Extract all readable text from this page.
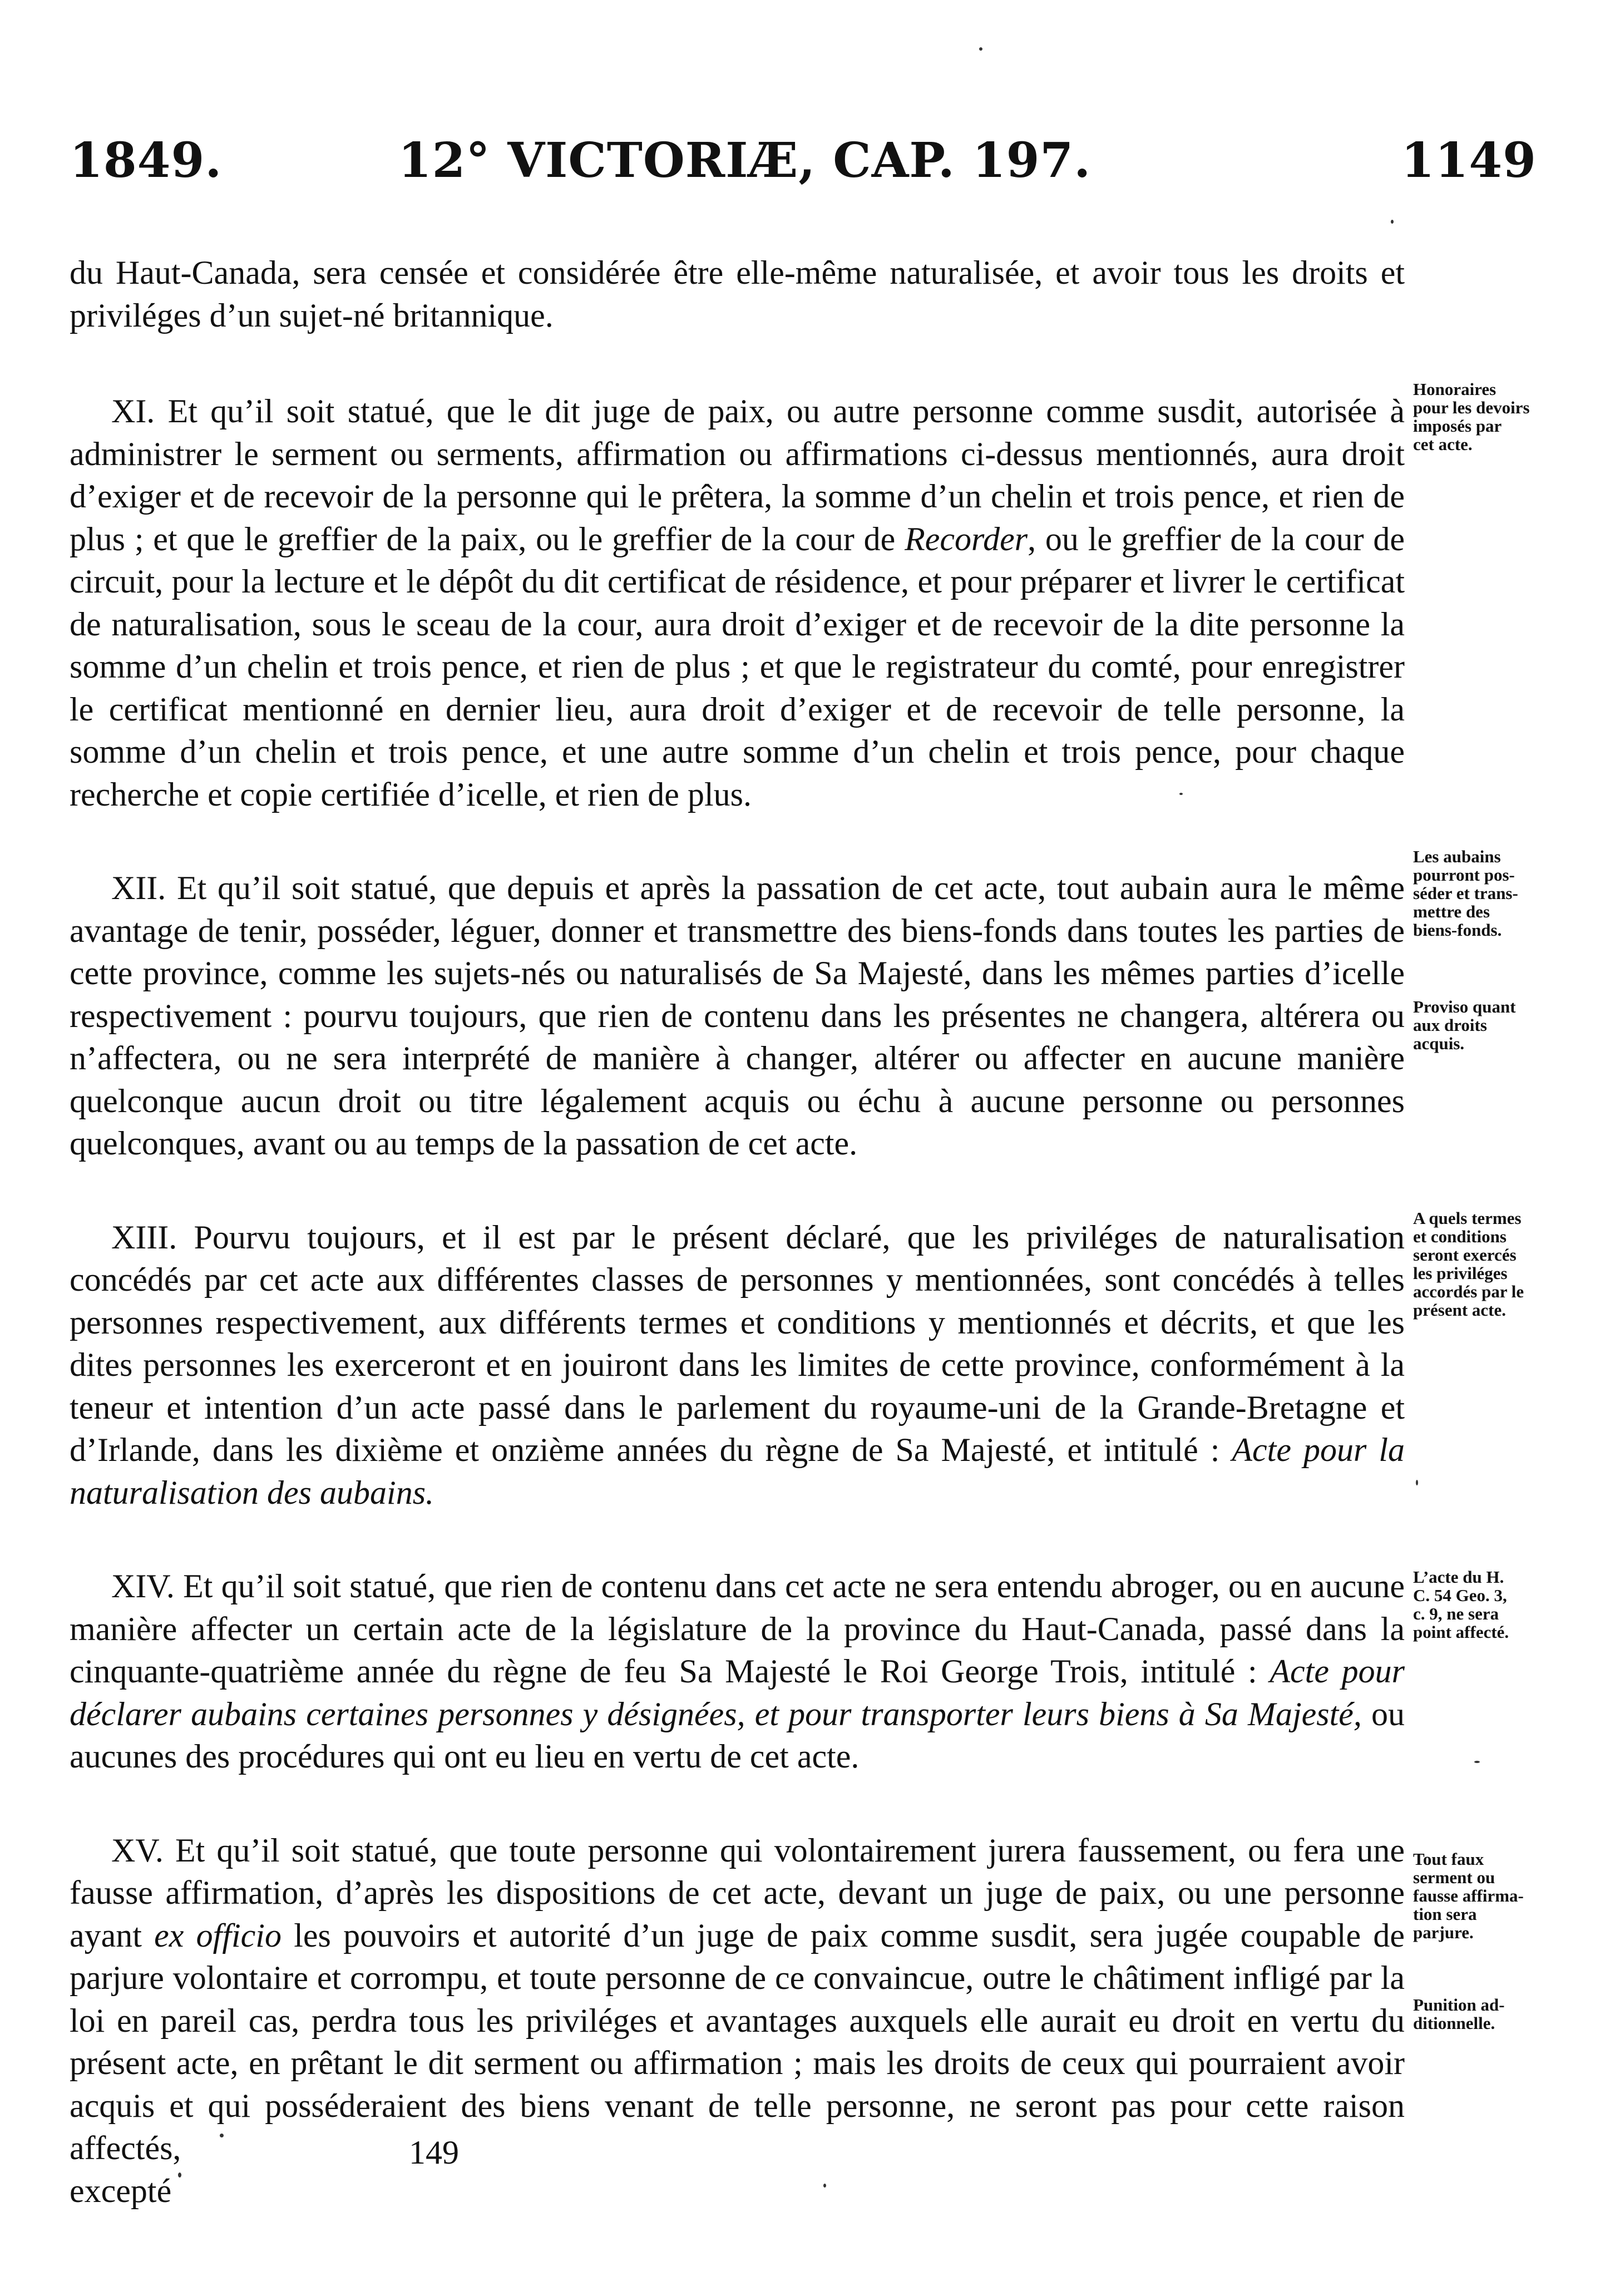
1849.	12° VICTORIÆ, CAP. 197.	1149

du Haut-Canada, sera censée et considérée être elle-même naturalisée, et avoir tous les droits et priviléges d’un sujet-né britannique.

XI. Et qu’il soit statué, que le dit juge de paix, ou autre personne comme susdit, autorisée à administrer le serment ou serments, affirmation ou affirmations ci-dessus mentionnés, aura droit d’exiger et de recevoir de la personne qui le prêtera, la somme d’un chelin et trois pence, et rien de plus ; et que le greffier de la paix, ou le greffier de la cour de Recorder, ou le greffier de la cour de circuit, pour la lecture et le dépôt du dit certificat de résidence, et pour préparer et livrer le certificat de naturalisation, sous le sceau de la cour, aura droit d’exiger et de recevoir de la dite personne la somme d’un chelin et trois pence, et rien de plus ; et que le registrateur du comté, pour enregistrer le certificat mentionné en dernier lieu, aura droit d’exiger et de recevoir de telle personne, la somme d’un chelin et trois pence, et une autre somme d’un chelin et trois pence, pour chaque recherche et copie certifiée d’icelle, et rien de plus.

XII. Et qu’il soit statué, que depuis et après la passation de cet acte, tout aubain aura le même avantage de tenir, posséder, léguer, donner et transmettre des biens-fonds dans toutes les parties de cette province, comme les sujets-nés ou naturalisés de Sa Majesté, dans les mêmes parties d’icelle respectivement : pourvu toujours, que rien de contenu dans les présentes ne changera, altérera ou n’affectera, ou ne sera interprété de manière à changer, altérer ou affecter en aucune manière quelconque aucun droit ou titre légalement acquis ou échu à aucune personne ou personnes quelconques, avant ou au temps de la passation de cet acte.

XIII. Pourvu toujours, et il est par le présent déclaré, que les priviléges de naturalisation concédés par cet acte aux différentes classes de personnes y mentionnées, sont concédés à telles personnes respectivement, aux différents termes et conditions y mentionnés et décrits, et que les dites personnes les exerceront et en jouiront dans les limites de cette province, conformément à la teneur et intention d’un acte passé dans le parlement du royaume-uni de la Grande-Bretagne et d’Irlande, dans les dixième et onzième années du règne de Sa Majesté, et intitulé : Acte pour la naturalisation des aubains.

XIV. Et qu’il soit statué, que rien de contenu dans cet acte ne sera entendu abroger, ou en aucune manière affecter un certain acte de la législature de la province du Haut-Canada, passé dans la cinquante-quatrième année du règne de feu Sa Majesté le Roi George Trois, intitulé : Acte pour déclarer aubains certaines personnes y désignées, et pour transporter leurs biens à Sa Majesté, ou aucunes des procédures qui ont eu lieu en vertu de cet acte.

XV. Et qu’il soit statué, que toute personne qui volontairement jurera faussement, ou fera une fausse affirmation, d’après les dispositions de cet acte, devant un juge de paix, ou une personne ayant ex officio les pouvoirs et autorité d’un juge de paix comme susdit, sera jugée coupable de parjure volontaire et corrompu, et toute personne de ce convaincue, outre le châtiment infligé par la loi en pareil cas, perdra tous les priviléges et avantages auxquels elle aurait eu droit en vertu du présent acte, en prêtant le dit serment ou affirmation ; mais les droits de ceux qui pourraient avoir acquis et qui posséderaient des biens venant de telle personne, ne seront pas pour cette raison affectés,

excepté

Honoraires
pour les devoirs
imposés par
cet acte.

Les aubains
pourront pos-
séder et trans-
mettre des
biens-fonds.

Proviso quant
aux droits
acquis.

A quels termes
et conditions
seront exercés
les priviléges
accordés par le
présent acte.

L’acte du H.
C. 54 Geo. 3,
c. 9, ne sera
point affecté.

Tout faux
serment ou
fausse affirma-
tion sera
parjure.

Punition ad-
ditionnelle.

149
